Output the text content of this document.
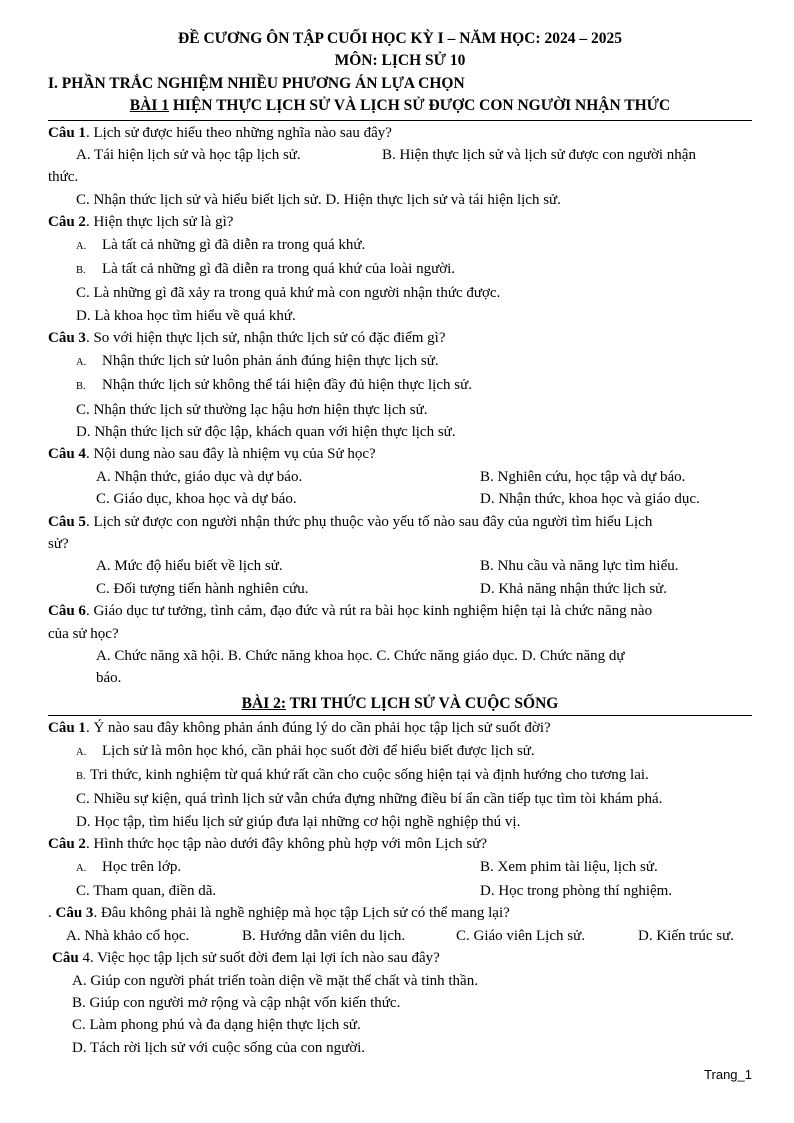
ĐỀ CƯƠNG ÔN TẬP CUỐI HỌC KỲ I – NĂM HỌC: 2024 – 2025
MÔN: LỊCH SỬ 10
I. PHẦN TRẮC NGHIỆM NHIỀU PHƯƠNG ÁN LỰA CHỌN
BÀI 1 HIỆN THỰC LỊCH SỬ VÀ LỊCH SỬ ĐƯỢC CON NGƯỜI NHẬN THỨC
Câu 1. Lịch sử được hiểu theo những nghĩa nào sau đây?
A. Tái hiện lịch sử và học tập lịch sử.	B. Hiện thực lịch sử và lịch sử được con người nhận
thức.
C. Nhận thức lịch sử và hiểu biết lịch sử. D. Hiện thực lịch sử và tái hiện lịch sử.
Câu 2. Hiện thực lịch sử là gì?
A. Là tất cả những gì đã diễn ra trong quá khứ.
B. Là tất cả những gì đã diễn ra trong quá khứ của loài người.
C. Là những gì đã xảy ra trong quả khứ mà con người nhận thức được.
D. Là khoa học tìm hiểu về quá khứ.
Câu 3. So với hiện thực lịch sử, nhận thức lịch sử có đặc điểm gì?
A. Nhận thức lịch sử luôn phản ánh đúng hiện thực lịch sử.
B. Nhận thức lịch sử không thể tái hiện đầy đủ hiện thực lịch sử.
C. Nhận thức lịch sử thường lạc hậu hơn hiện thực lịch sử.
D. Nhận thức lịch sử độc lập, khách quan với hiện thực lịch sử.
Câu 4. Nội dung nào sau đây là nhiệm vụ của Sử học?
A. Nhận thức, giáo dục và dự báo.	B. Nghiên cứu, học tập và dự báo.
C. Giáo dục, khoa học và dự báo.	D. Nhận thức, khoa học và giáo dục.
Câu 5. Lịch sử được con người nhận thức phụ thuộc vào yếu tố nào sau đây của người tìm hiểu Lịch
sử?
A. Mức độ hiểu biết về lịch sử.	B. Nhu cầu và năng lực tìm hiểu.
C. Đối tượng tiến hành nghiên cứu.	D. Khả năng nhận thức lịch sử.
Câu 6. Giáo dục tư tưởng, tình cảm, đạo đức và rút ra bài học kinh nghiệm hiện tại là chức năng nào
của sử học?
A. Chức năng xã hội. B. Chức năng khoa học. C. Chức năng giáo dục. D. Chức năng dự
báo.
BÀI 2: TRI THỨC LỊCH SỬ VÀ CUỘC SỐNG
Câu 1. Ý nào sau đây không phản ánh đúng lý do cần phải học tập lịch sử suốt đời?
A. Lịch sử là môn học khó, cần phải học suốt đời để hiểu biết được lịch sử.
B. Tri thức, kinh nghiệm từ quá khứ rất cần cho cuộc sống hiện tại và định hướng cho tương lai.
C. Nhiều sự kiện, quá trình lịch sử vẫn chứa đựng những điều bí ẩn cần tiếp tục tìm tòi khám phá.
D. Học tập, tìm hiểu lịch sử giúp đưa lại những cơ hội nghề nghiệp thú vị.
Câu 2. Hình thức học tập nào dưới đây không phù hợp với môn Lịch sử?
A. Học trên lớp.	B. Xem phim tài liệu, lịch sử.
C. Tham quan, điền dã.	D. Học trong phòng thí nghiệm.
. Câu 3. Đâu không phải là nghề nghiệp mà học tập Lịch sử có thể mang lại?
A. Nhà khảo cổ học.	B. Hướng dẫn viên du lịch.	C. Giáo viên Lịch sử.	D. Kiến trúc sư.
Câu 4. Việc học tập lịch sử suốt đời đem lại lợi ích nào sau đây?
A. Giúp con người phát triển toàn diện về mặt thể chất và tinh thần.
B. Giúp con người mở rộng và cập nhật vốn kiến thức.
C. Làm phong phú và đa dạng hiện thực lịch sử.
D. Tách rời lịch sử với cuộc sống của con người.
Trang_1
